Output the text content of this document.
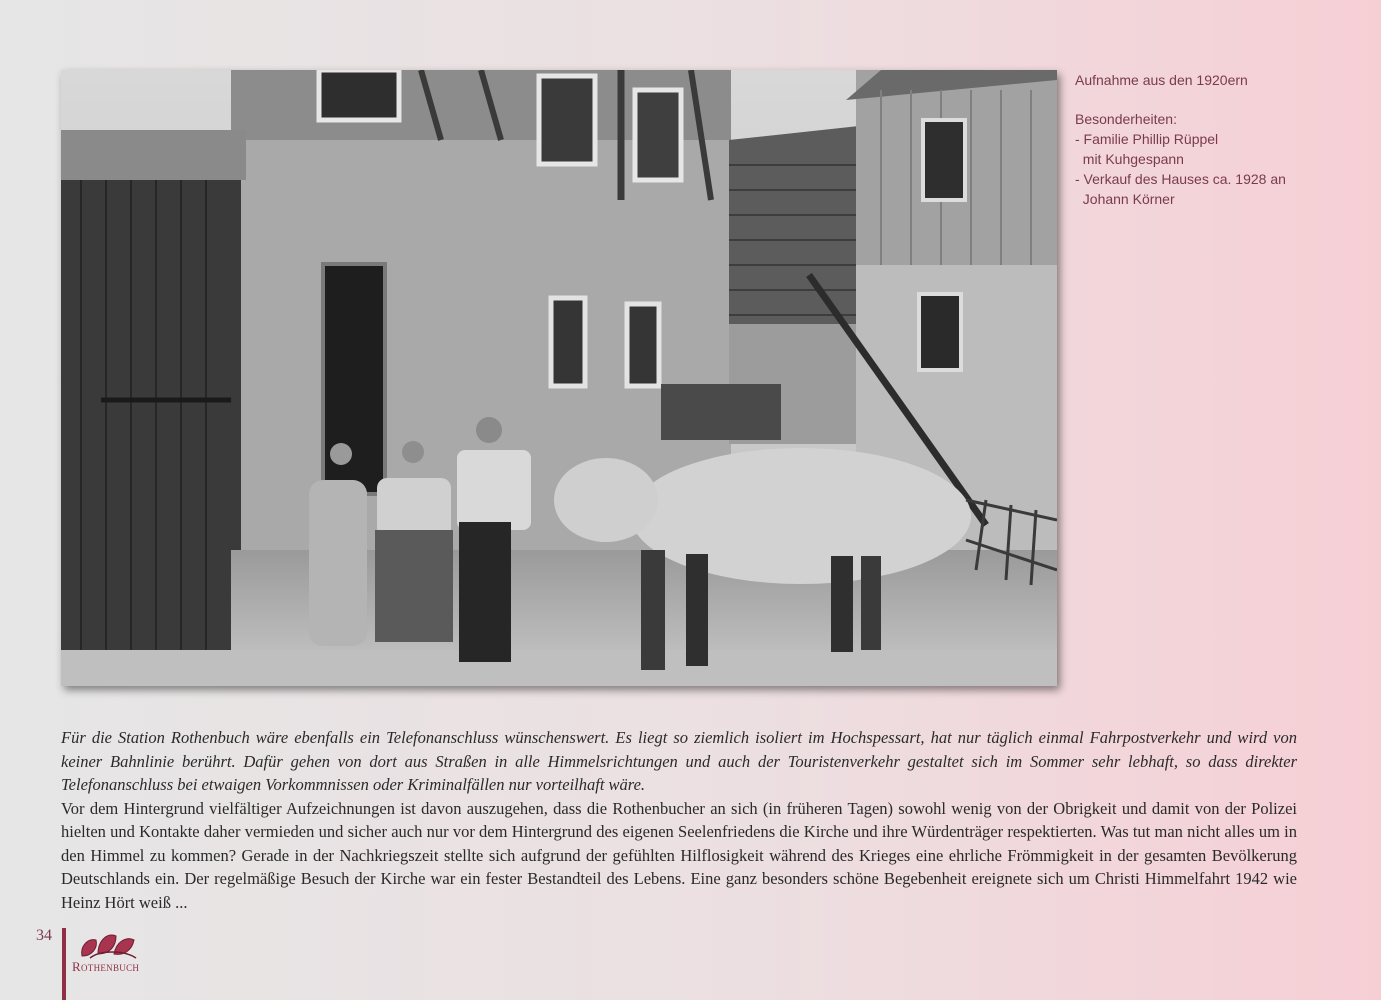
Aufnahme aus den 1920ern
Besonderheiten:
- Familie Phillip Rüppel
mit Kuhgespann
- Verkauf des Hauses ca. 1928 an
Johann Körner

Für die Station Rothenbuch wäre ebenfalls ein Telefonanschluss wünschenswert. Es liegt so ziemlich isoliert im Hochspessart, hat nur täglich einmal Fahrpostverkehr und wird von keiner Bahnlinie berührt. Dafür gehen von dort aus Straßen in alle Himmelsrichtungen und auch der Touristenverkehr gestaltet sich im Sommer sehr lebhaft, so dass direkter Telefonanschluss bei etwaigen Vorkommnissen oder Kriminalfällen nur vorteilhaft wäre.

Vor dem Hintergrund vielfältiger Aufzeichnungen ist davon auszugehen, dass die Rothenbucher an sich (in früheren Tagen) sowohl wenig von der Obrigkeit und damit von der Polizei hielten und Kontakte daher vermieden und sicher auch nur vor dem Hintergrund des eigenen Seelenfriedens die Kirche und ihre Würdenträger respektierten. Was tut man nicht alles um in den Himmel zu kommen? Gerade in der Nachkriegszeit stellte sich aufgrund der gefühlten Hilflosigkeit während des Krieges eine ehrliche Frömmigkeit in der gesamten Bevölkerung Deutschlands ein. Der regelmäßige Besuch der Kirche war ein fester Bestandteil des Lebens. Eine ganz besonders schöne Begebenheit ereignete sich um Christi Himmelfahrt 1942 wie Heinz Hört weiß ...

34
Rothenbuch
